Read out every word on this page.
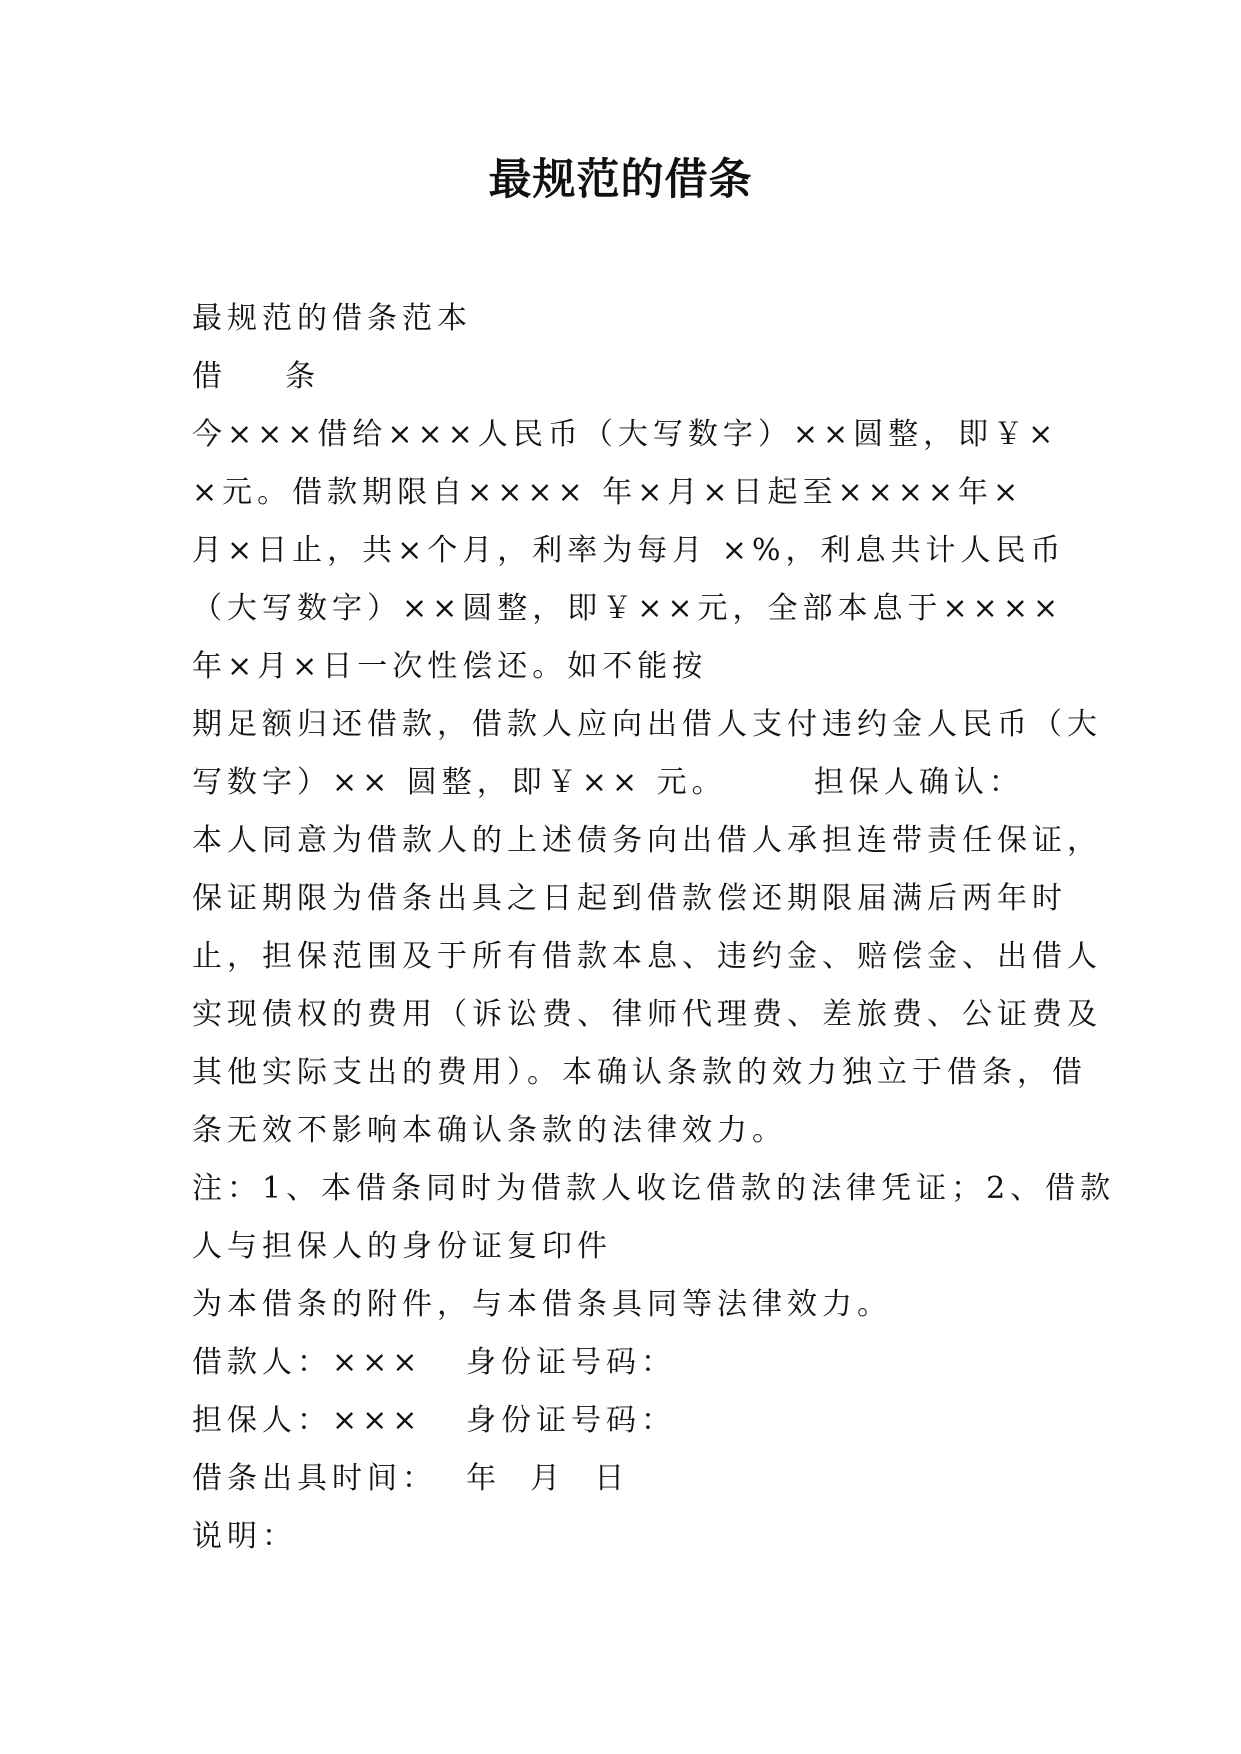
最规范的借条
最规范的借条范本
借    条
今×××借给×××人民币（大写数字）××圆整，即￥×
×元。借款期限自×××× 年×月×日起至××××年×
月×日止，共×个月，利率为每月 ×%，利息共计人民币
（大写数字）××圆整，即￥××元，全部本息于××××
年×月×日一次性偿还。如不能按
期足额归还借款，借款人应向出借人支付违约金人民币（大
写数字）×× 圆整，即￥×× 元。      担保人确认：
本人同意为借款人的上述债务向出借人承担连带责任保证，
保证期限为借条出具之日起到借款偿还期限届满后两年时
止，担保范围及于所有借款本息、违约金、赔偿金、出借人
实现债权的费用（诉讼费、律师代理费、差旅费、公证费及
其他实际支出的费用）。本确认条款的效力独立于借条，借
条无效不影响本确认条款的法律效力。
注：1、本借条同时为借款人收讫借款的法律凭证；2、借款
人与担保人的身份证复印件
为本借条的附件，与本借条具同等法律效力。
借款人：×××   身份证号码：
担保人：×××   身份证号码：
借条出具时间：  年  月  日
说明：
